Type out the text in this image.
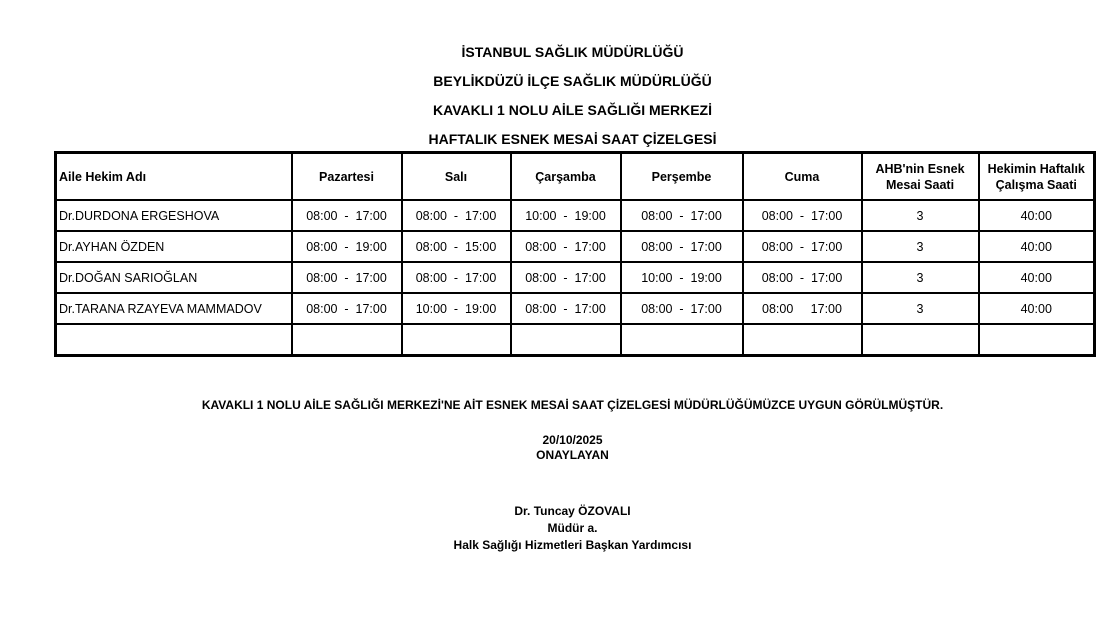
İSTANBUL SAĞLIK MÜDÜRLÜĞÜ
BEYLİKDÜZÜ İLÇE SAĞLIK MÜDÜRLÜĞÜ
KAVAKLI 1 NOLU AİLE SAĞLIĞI MERKEZİ
HAFTALIK ESNEK MESAİ SAAT ÇİZELGESİ
Aile Hekim Adı	Pazartesi	Salı	Çarşamba	Perşembe	Cuma	AHB'nin Esnek Mesai Saati	Hekimin Haftalık Çalışma Saati
Dr.DURDONA ERGESHOVA	08:00  -  17:00	08:00  -  17:00	10:00  -  19:00	08:00  -  17:00	08:00  -  17:00	3	40:00
Dr.AYHAN ÖZDEN	08:00  -  19:00	08:00  -  15:00	08:00  -  17:00	08:00  -  17:00	08:00  -  17:00	3	40:00
Dr.DOĞAN SARIOĞLAN	08:00  -  17:00	08:00  -  17:00	08:00  -  17:00	10:00  -  19:00	08:00  -  17:00	3	40:00
Dr.TARANA RZAYEVA MAMMADOV	08:00  -  17:00	10:00  -  19:00	08:00  -  17:00	08:00  -  17:00	08:00     17:00	3	40:00

KAVAKLI 1 NOLU AİLE SAĞLIĞI MERKEZİ'NE AİT ESNEK MESAİ SAAT ÇİZELGESİ MÜDÜRLÜĞÜMÜZCE UYGUN GÖRÜLMÜŞTÜR.
20/10/2025
ONAYLAYAN
Dr. Tuncay ÖZOVALI
Müdür a.
Halk Sağlığı Hizmetleri Başkan Yardımcısı
